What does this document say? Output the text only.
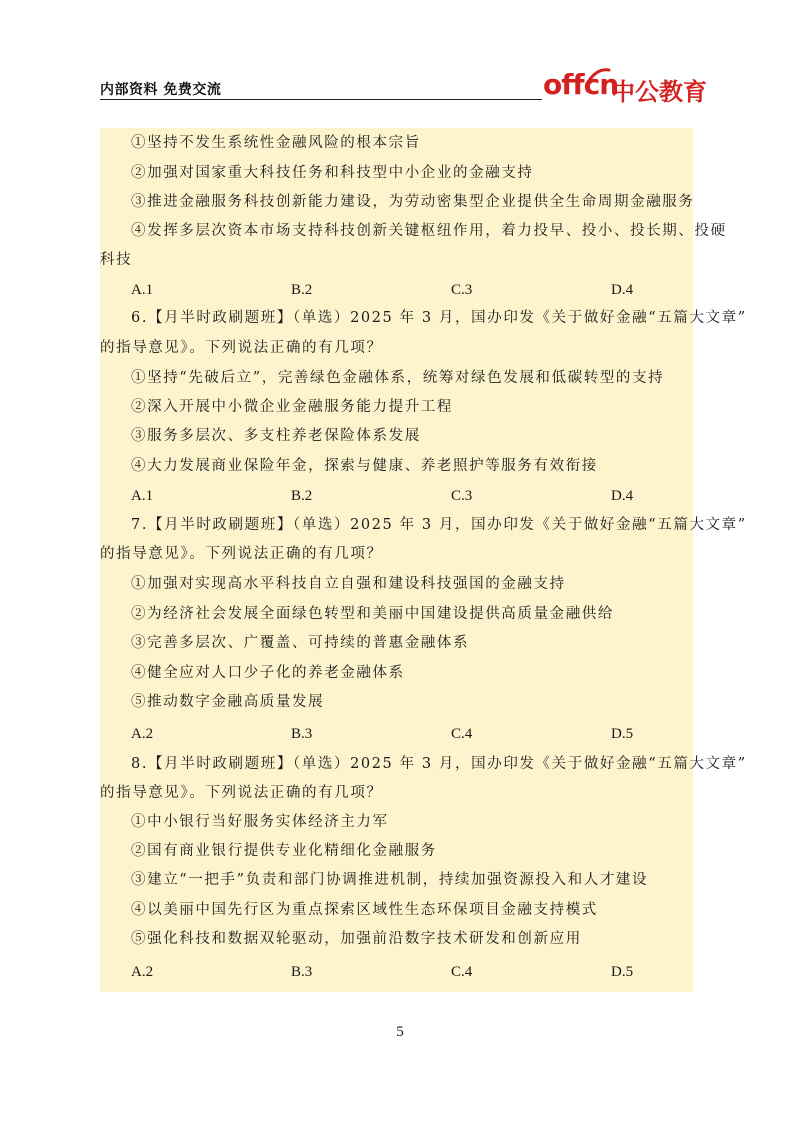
内部资料 免费交流	offcn
中公教育
①坚持不发生系统性金融风险的根本宗旨
②加强对国家重大科技任务和科技型中小企业的金融支持
③推进金融服务科技创新能力建设，为劳动密集型企业提供全生命周期金融服务
④发挥多层次资本市场支持科技创新关键枢纽作用，着力投早、投小、投长期、投硬
科技
A.1	B.2	C.3	D.4
6.【月半时政刷题班】（单选）2025 年 3 月，国办印发《关于做好金融“五篇大文章”
的指导意见》。下列说法正确的有几项？
①坚持“先破后立”，完善绿色金融体系，统筹对绿色发展和低碳转型的支持
②深入开展中小微企业金融服务能力提升工程
③服务多层次、多支柱养老保险体系发展
④大力发展商业保险年金，探索与健康、养老照护等服务有效衔接
A.1	B.2	C.3	D.4
7.【月半时政刷题班】（单选）2025 年 3 月，国办印发《关于做好金融“五篇大文章”
的指导意见》。下列说法正确的有几项？
①加强对实现高水平科技自立自强和建设科技强国的金融支持
②为经济社会发展全面绿色转型和美丽中国建设提供高质量金融供给
③完善多层次、广覆盖、可持续的普惠金融体系
④健全应对人口少子化的养老金融体系
⑤推动数字金融高质量发展
A.2	B.3	C.4	D.5
8.【月半时政刷题班】（单选）2025 年 3 月，国办印发《关于做好金融“五篇大文章”
的指导意见》。下列说法正确的有几项？
①中小银行当好服务实体经济主力军
②国有商业银行提供专业化精细化金融服务
③建立“一把手”负责和部门协调推进机制，持续加强资源投入和人才建设
④以美丽中国先行区为重点探索区域性生态环保项目金融支持模式
⑤强化科技和数据双轮驱动，加强前沿数字技术研发和创新应用
A.2	B.3	C.4	D.5
5
